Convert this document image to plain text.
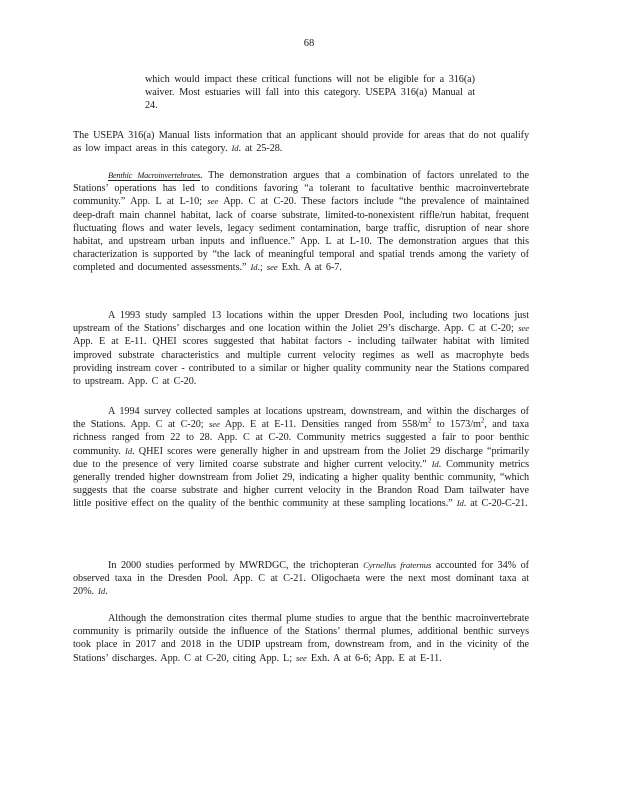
68

which would impact these critical functions will not be eligible for a 316(a) waiver. Most estuaries will fall into this category. USEPA 316(a) Manual at 24.

The USEPA 316(a) Manual lists information that an applicant should provide for areas that do not qualify as low impact areas in this category. Id. at 25-28.

Benthic Macroinvertebrates. The demonstration argues that a combination of factors unrelated to the Stations’ operations has led to conditions favoring “a tolerant to facultative benthic macroinvertebrate community.” App. L at L-10; see App. C at C-20. These factors include “the prevalence of maintained deep-draft main channel habitat, lack of coarse substrate, limited-to-nonexistent riffle/run habitat, frequent fluctuating flows and water levels, legacy sediment contamination, barge traffic, disruption of near shore habitat, and upstream urban inputs and influence.” App. L at L-10. The demonstration argues that this characterization is supported by “the lack of meaningful temporal and spatial trends among the variety of completed and documented assessments.” Id.; see Exh. A at 6-7.

A 1993 study sampled 13 locations within the upper Dresden Pool, including two locations just upstream of the Stations’ discharges and one location within the Joliet 29’s discharge. App. C at C-20; see App. E at E-11. QHEI scores suggested that habitat factors - including tailwater habitat with limited improved substrate characteristics and multiple current velocity regimes as well as macrophyte beds providing instream cover - contributed to a similar or higher quality community near the Stations compared to upstream. App. C at C-20.

A 1994 survey collected samples at locations upstream, downstream, and within the discharges of the Stations. App. C at C-20; see App. E at E-11. Densities ranged from $558/m^2$ to $1573/m^2$, and taxa richness ranged from 22 to 28. App. C at C-20. Community metrics suggested a fair to poor benthic community. Id. QHEI scores were generally higher in and upstream from the Joliet 29 discharge “primarily due to the presence of very limited coarse substrate and higher current velocity.” Id. Community metrics generally trended higher downstream from Joliet 29, indicating a higher quality benthic community, “which suggests that the coarse substrate and higher current velocity in the Brandon Road Dam tailwater have little positive effect on the quality of the benthic community at these sampling locations.” Id. at C-20-C-21.

In 2000 studies performed by MWRDGC, the trichopteran Cyrnellus fraternus accounted for 34% of observed taxa in the Dresden Pool. App. C at C-21. Oligochaeta were the next most dominant taxa at 20%. Id.

Although the demonstration cites thermal plume studies to argue that the benthic macroinvertebrate community is primarily outside the influence of the Stations’ thermal plumes, additional benthic surveys took place in 2017 and 2018 in the UDIP upstream from, downstream from, and in the vicinity of the Stations’ discharges. App. C at C-20, citing App. L; see Exh. A at 6-6; App. E at E-11.
